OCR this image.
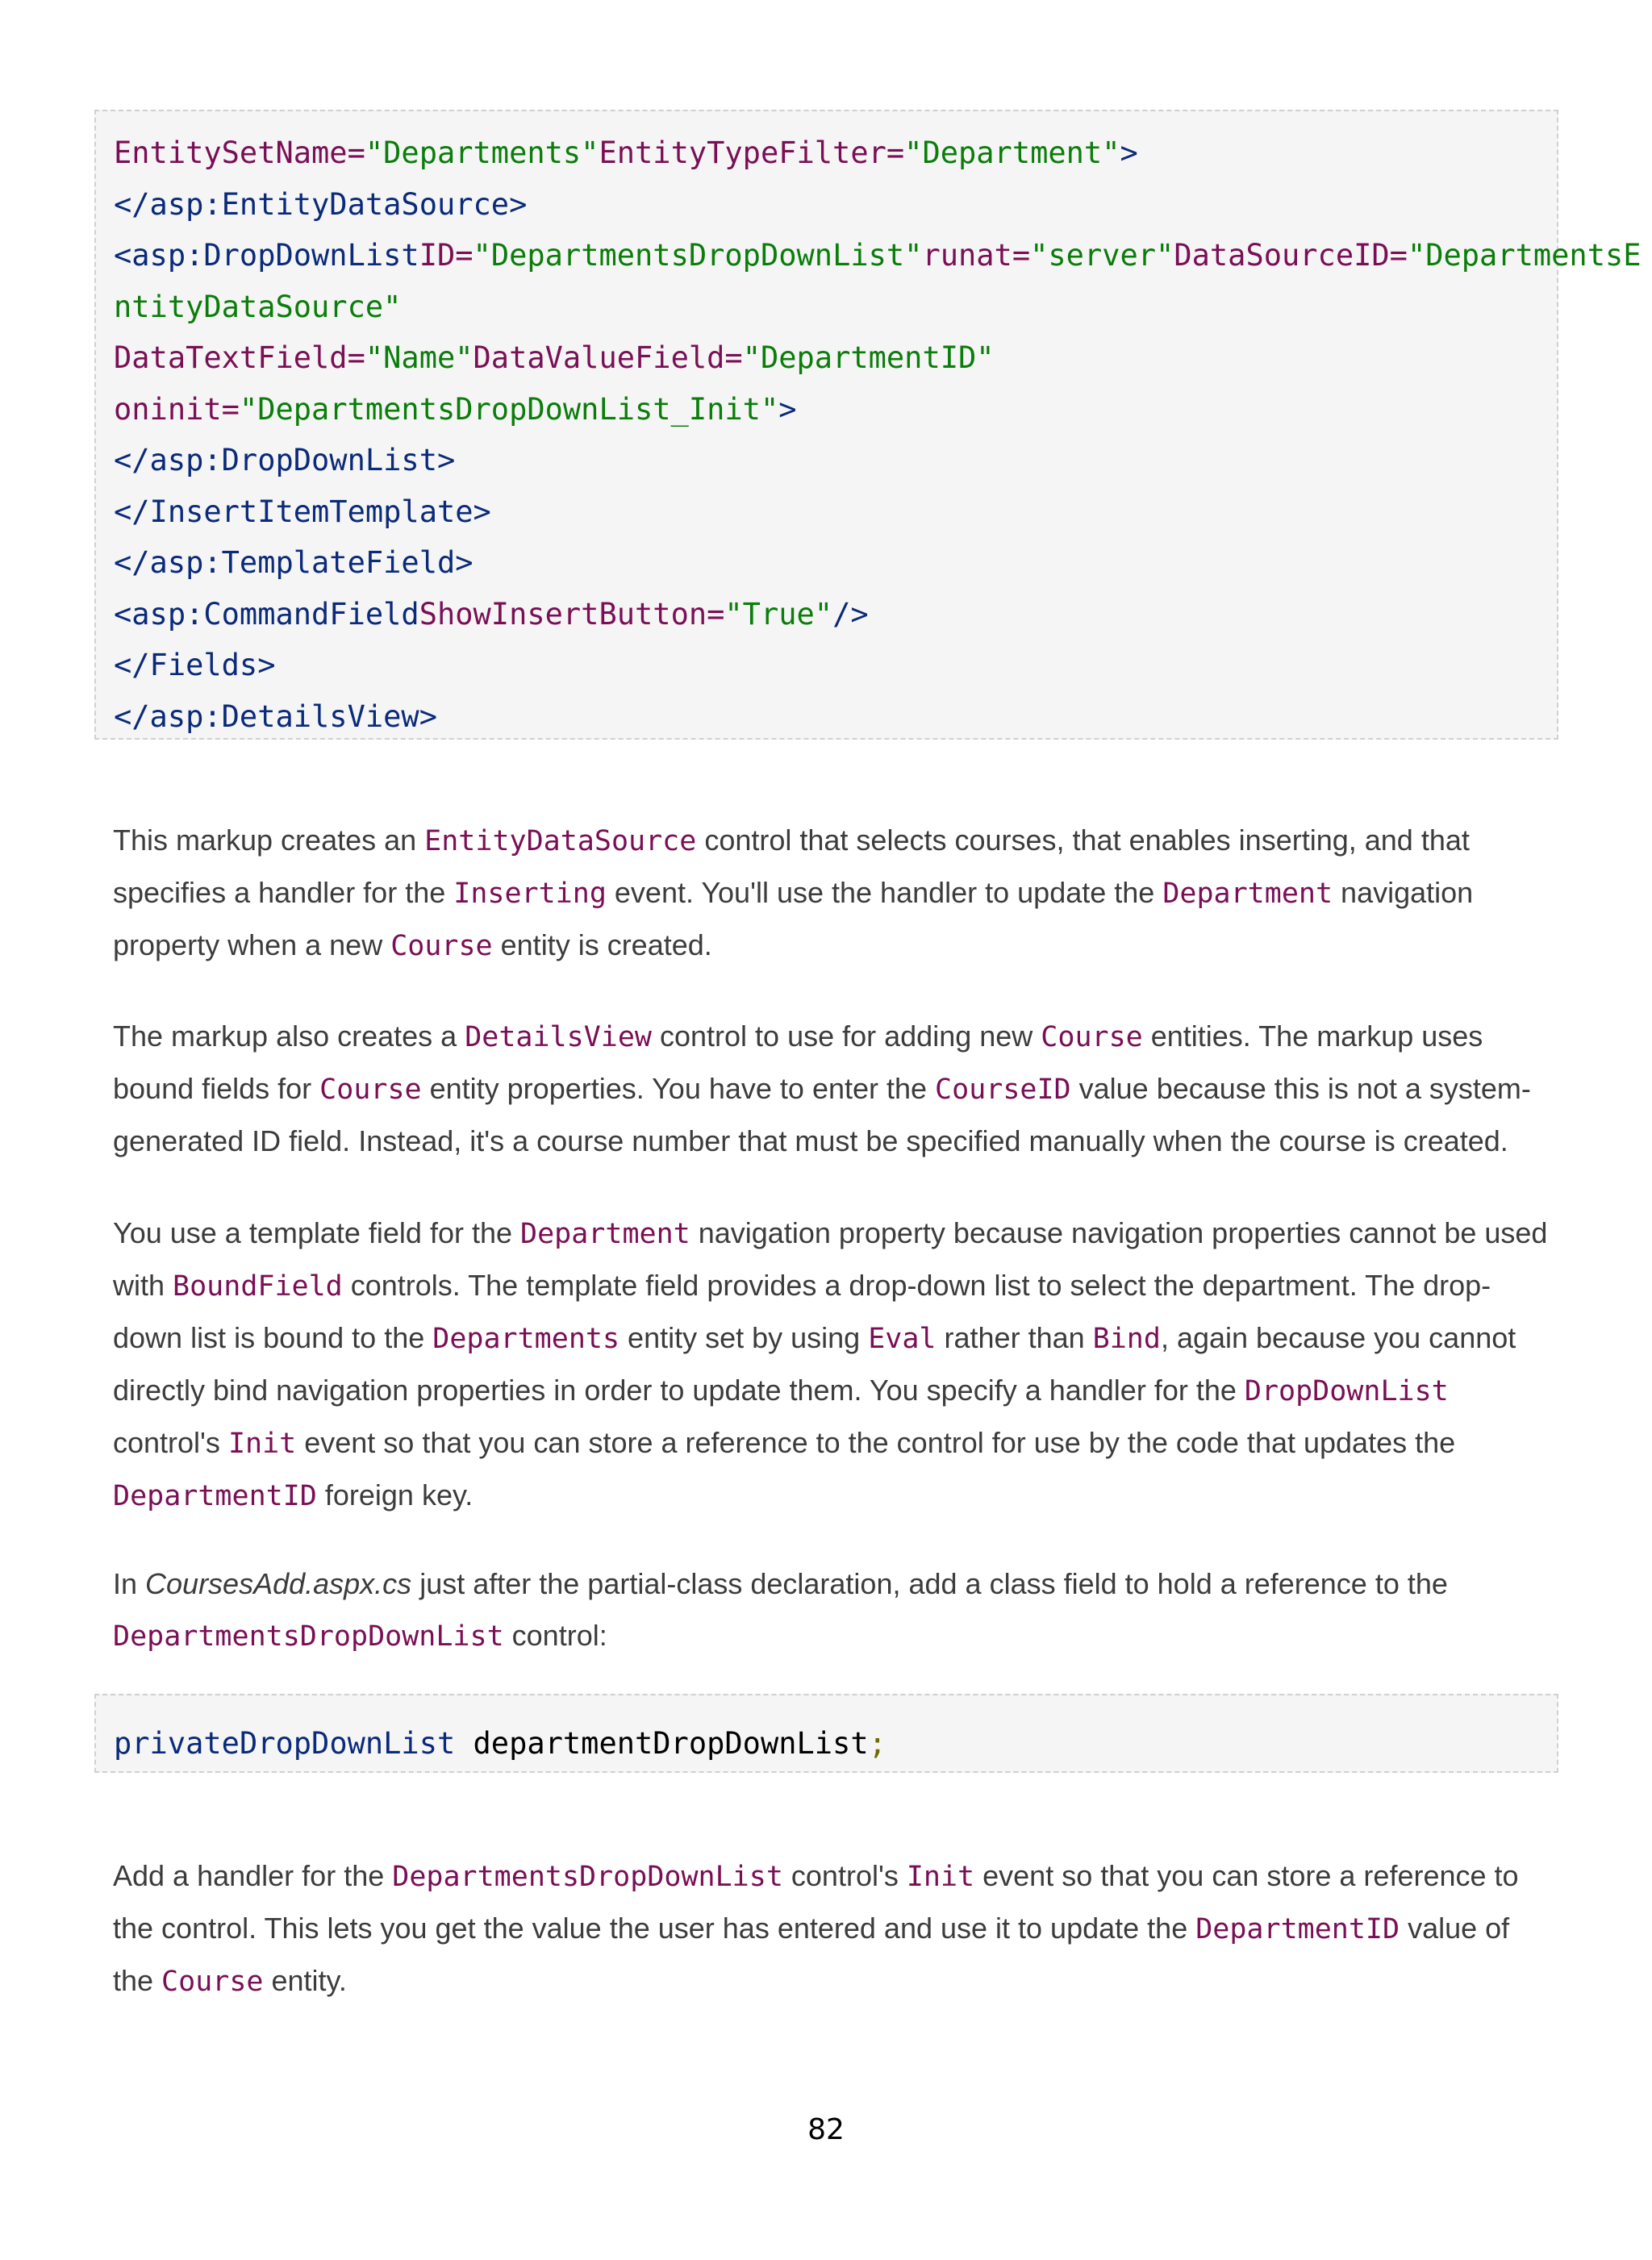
EntitySetName="Departments"EntityTypeFilter="Department">
</asp:EntityDataSource>
<asp:DropDownListID="DepartmentsDropDownList"runat="server"DataSourceID="DepartmentsE
ntityDataSource"
DataTextField="Name"DataValueField="DepartmentID"
oninit="DepartmentsDropDownList_Init">
</asp:DropDownList>
</InsertItemTemplate>
</asp:TemplateField>
<asp:CommandFieldShowInsertButton="True"/>
</Fields>
</asp:DetailsView>

This markup creates an EntityDataSource control that selects courses, that enables inserting, and that specifies a handler for the Inserting event. You'll use the handler to update the Department navigation property when a new Course entity is created.

The markup also creates a DetailsView control to use for adding new Course entities. The markup uses bound fields for Course entity properties. You have to enter the CourseID value because this is not a system-generated ID field. Instead, it's a course number that must be specified manually when the course is created.

You use a template field for the Department navigation property because navigation properties cannot be used with BoundField controls. The template field provides a drop-down list to select the department. The drop-down list is bound to the Departments entity set by using Eval rather than Bind, again because you cannot directly bind navigation properties in order to update them. You specify a handler for the DropDownList control's Init event so that you can store a reference to the control for use by the code that updates the DepartmentID foreign key.

In CoursesAdd.aspx.cs just after the partial-class declaration, add a class field to hold a reference to the DepartmentsDropDownList control:

privateDropDownList departmentDropDownList;

Add a handler for the DepartmentsDropDownList control's Init event so that you can store a reference to the control. This lets you get the value the user has entered and use it to update the DepartmentID value of the Course entity.

82
